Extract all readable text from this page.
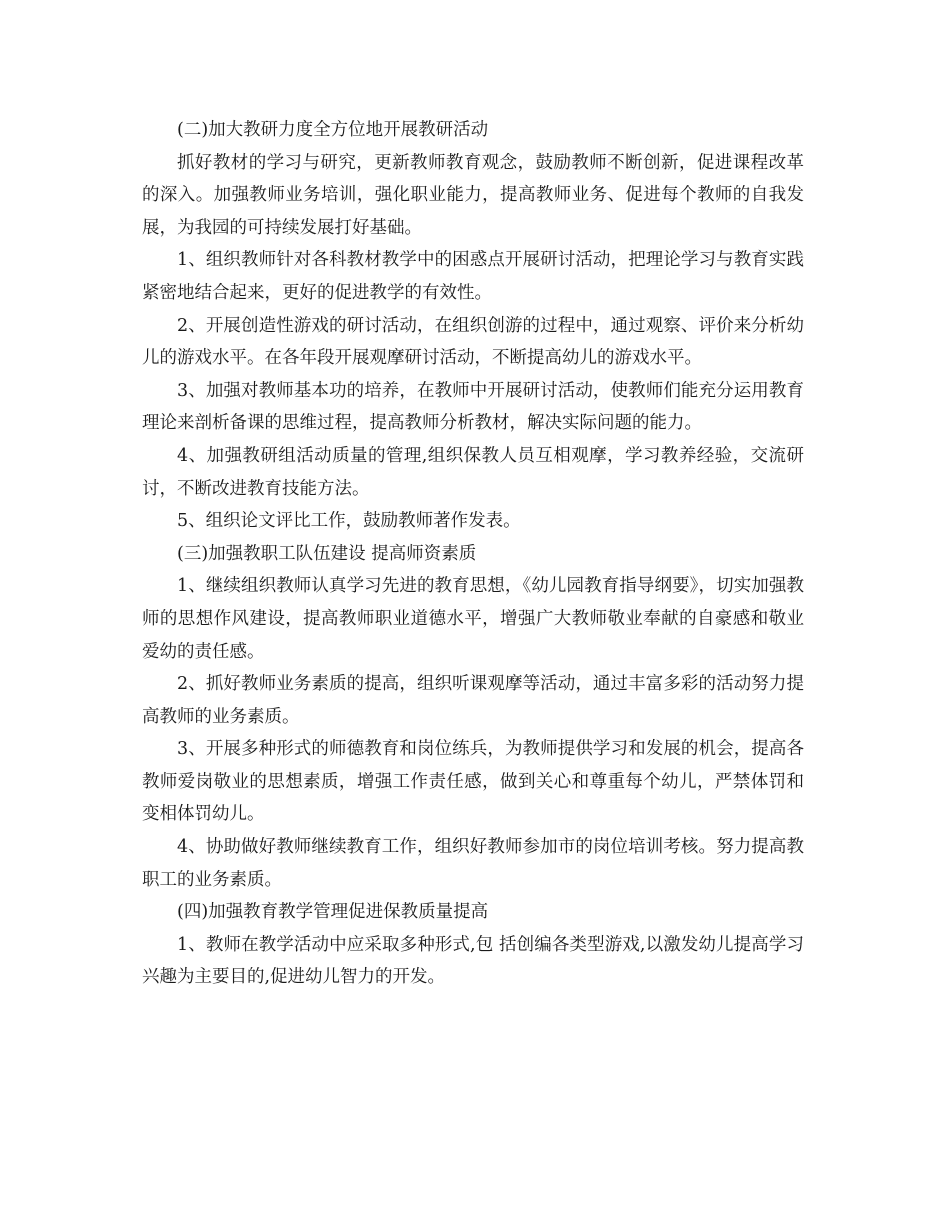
(二)加大教研力度全方位地开展教研活动

抓好教材的学习与研究，更新教师教育观念，鼓励教师不断创新，促进课程改革的深入。加强教师业务培训，强化职业能力，提高教师业务、促进每个教师的自我发展，为我园的可持续发展打好基础。

1、组织教师针对各科教材教学中的困惑点开展研讨活动，把理论学习与教育实践紧密地结合起来，更好的促进教学的有效性。

2、开展创造性游戏的研讨活动，在组织创游的过程中，通过观察、评价来分析幼儿的游戏水平。在各年段开展观摩研讨活动，不断提高幼儿的游戏水平。

3、加强对教师基本功的培养，在教师中开展研讨活动，使教师们能充分运用教育理论来剖析备课的思维过程，提高教师分析教材，解决实际问题的能力。

4、加强教研组活动质量的管理,组织保教人员互相观摩，学习教养经验，交流研讨，不断改进教育技能方法。

5、组织论文评比工作，鼓励教师著作发表。

(三)加强教职工队伍建设 提高师资素质

1、继续组织教师认真学习先进的教育思想，《幼儿园教育指导纲要》，切实加强教师的思想作风建设，提高教师职业道德水平，增强广大教师敬业奉献的自豪感和敬业爱幼的责任感。

2、抓好教师业务素质的提高，组织听课观摩等活动，通过丰富多彩的活动努力提高教师的业务素质。

3、开展多种形式的师德教育和岗位练兵，为教师提供学习和发展的机会，提高各教师爱岗敬业的思想素质，增强工作责任感，做到关心和尊重每个幼儿，严禁体罚和变相体罚幼儿。

4、协助做好教师继续教育工作，组织好教师参加市的岗位培训考核。努力提高教职工的业务素质。

(四)加强教育教学管理促进保教质量提高

1、教师在教学活动中应采取多种形式,包 括创编各类型游戏,以激发幼儿提高学习兴趣为主要目的,促进幼儿智力的开发。
